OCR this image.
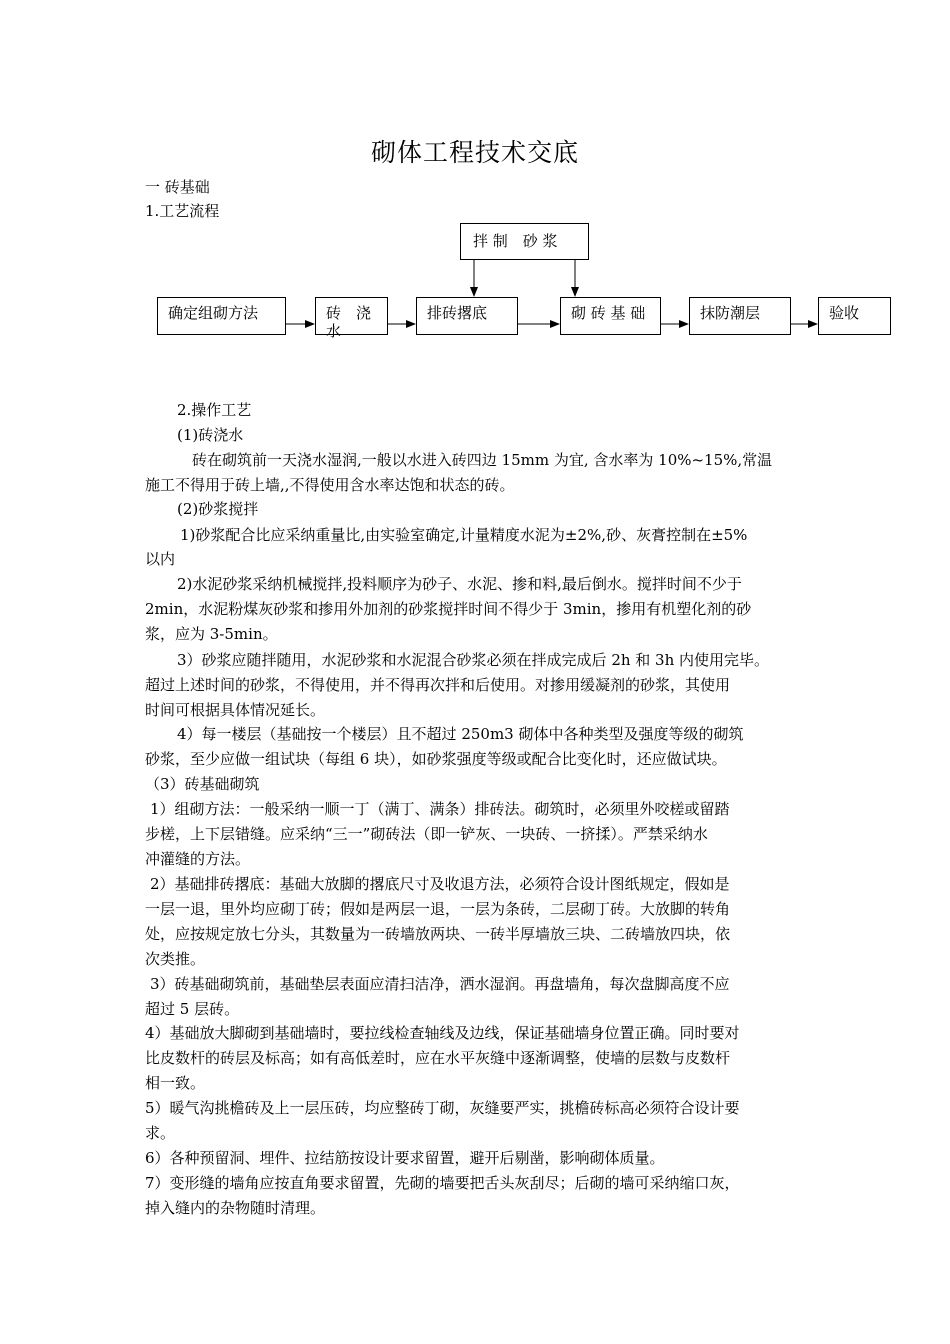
砌体工程技术交底
一 砖基础
1.工艺流程
拌 制　砂 浆
确定组砌方法	砖　浇水
排砖撂底	砌 砖 基 础	抹防潮层	验收
2.操作工艺
(1)砖浇水
砖在砌筑前一天浇水湿润,一般以水进入砖四边 15mm 为宜, 含水率为 10%~15%,常温
施工不得用于砖上墙,,不得使用含水率达饱和状态的砖。
(2)砂浆搅拌
1)砂浆配合比应采纳重量比,由实验室确定,计量精度水泥为±2%,砂、灰膏控制在±5%
以内
2)水泥砂浆采纳机械搅拌,投料顺序为砂子、水泥、掺和料,最后倒水。搅拌时间不少于
2min，水泥粉煤灰砂浆和掺用外加剂的砂浆搅拌时间不得少于 3min，掺用有机塑化剂的砂
浆，应为 3-5min。
3）砂浆应随拌随用，水泥砂浆和水泥混合砂浆必须在拌成完成后 2h 和 3h 内使用完毕。
超过上述时间的砂浆，不得使用，并不得再次拌和后使用。对掺用缓凝剂的砂浆，其使用
时间可根据具体情况延长。
4）每一楼层（基础按一个楼层）且不超过 250m3 砌体中各种类型及强度等级的砌筑
砂浆，至少应做一组试块（每组 6 块），如砂浆强度等级或配合比变化时，还应做试块。
（3）砖基础砌筑
1）组砌方法：一般采纳一顺一丁（满丁、满条）排砖法。砌筑时，必须里外咬槎或留踏
步槎，上下层错缝。应采纳“三一”砌砖法（即一铲灰、一块砖、一挤揉）。严禁采纳水
冲灌缝的方法。
2）基础排砖撂底：基础大放脚的撂底尺寸及收退方法，必须符合设计图纸规定，假如是
一层一退，里外均应砌丁砖；假如是两层一退，一层为条砖，二层砌丁砖。大放脚的转角
处，应按规定放七分头，其数量为一砖墙放两块、一砖半厚墙放三块、二砖墙放四块，依
次类推。
3）砖基础砌筑前，基础垫层表面应清扫洁净，洒水湿润。再盘墙角，每次盘脚高度不应
超过 5 层砖。
4）基础放大脚砌到基础墙时，要拉线检查轴线及边线，保证基础墙身位置正确。同时要对
比皮数杆的砖层及标高；如有高低差时，应在水平灰缝中逐渐调整，使墙的层数与皮数杆
相一致。
5）暖气沟挑檐砖及上一层压砖，均应整砖丁砌，灰缝要严实，挑檐砖标高必须符合设计要
求。
6）各种预留洞、埋件、拉结筋按设计要求留置，避开后剔凿，影响砌体质量。
7）变形缝的墙角应按直角要求留置，先砌的墙要把舌头灰刮尽；后砌的墙可采纳缩口灰，
掉入缝内的杂物随时清理。
